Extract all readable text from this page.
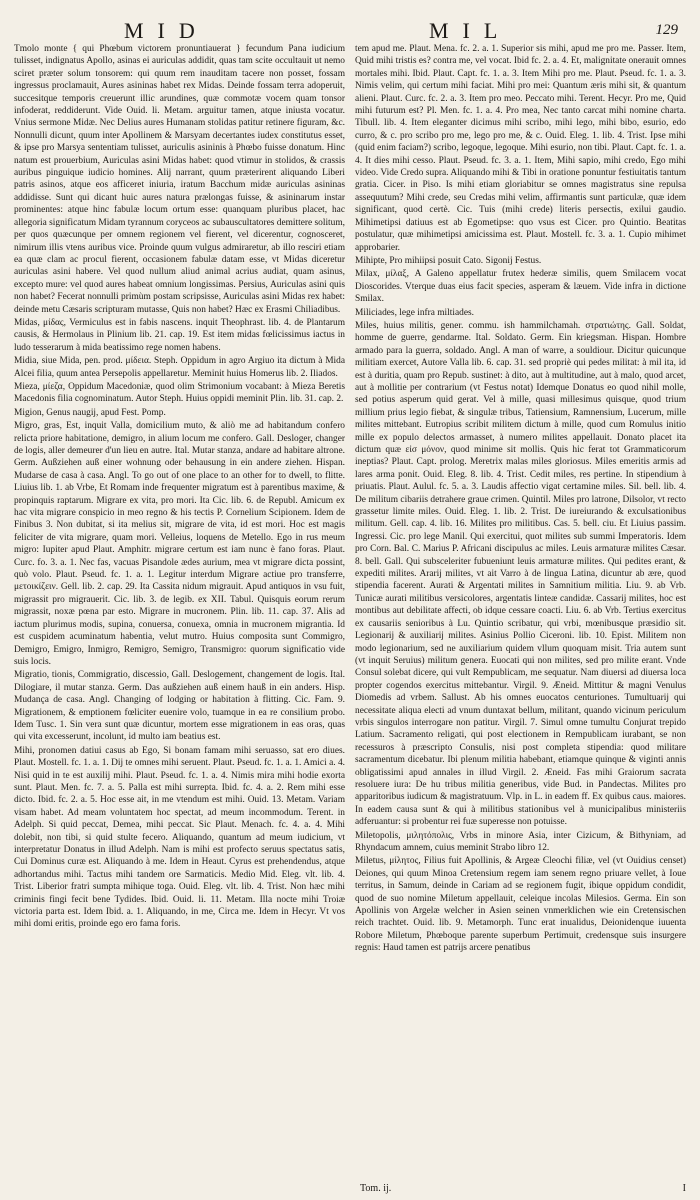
MID	MIL	129

Tmolo monte { qui Phœbum victorem pronuntiauerat } fecundum Pana iudicium tulisset, indignatus Apollo, asinas ei auriculas addidit, quas tam scite occultauit ut nemo sciret præter solum tonsorem: qui quum rem inauditam tacere non posset, fossam ingressus proclamauit, Aures asininas habet rex Midas. Deinde fossam terra adoperuit, succesitque temporis creuerunt illic arundines, quæ commotæ vocem quam tonsor infoderat, reddiderunt. Vide Ouid. li. Metam. arguitur tamen, atque iniusta vocatur. Vnius sermone Midæ. Nec Delius aures Humanam stolidas patitur retinere figuram, &c. Nonnulli dicunt, quum inter Apollinem & Marsyam decertantes iudex constitutus esset, & ipse pro Marsya sententiam tulisset, auriculis asininis à Phœbo fuisse donatum. Hinc natum est prouerbium, Auriculas asini Midas habet: quod vtimur in stolidos, & crassis auribus pinguique iudicio homines. Alij narrant, quum præterirent aliquando Liberi patris asinos, atque eos afficeret iniuria, iratum Bacchum midæ auriculas asininas addidisse. Sunt qui dicant huic aures natura prælongas fuisse, & asininarum instar prominentes: atque hinc fabulæ locum ortum esse: quanquam pluribus placet, hac allegoria significatum Midam tyrannum coryceos ac subauscultatores demittere solitum, per quos quæcunque per omnem regionem vel fierent, vel dicerentur, cognosceret, nimirum illis vtens auribus vice. Proinde quum vulgus admiraretur, ab illo resciri etiam ea quæ clam ac procul fierent, occasionem fabulæ datam esse, vt Midas diceretur auriculas asini habere. Vel quod nullum aliud animal acrius audiat, quam asinus, excepto mure: vel quod aures habeat omnium longissimas. Persius, Auriculas asini quis non habet? Fecerat nonnulli primùm postam scripsisse, Auriculas asini Midas rex habet: deinde metu Cæsaris scripturam mutasse, Quis non habet? Hæc ex Erasmi Chiliadibus.

Midas, μίδας, Vermiculus est in fabis nascens. inquit Theophrast. lib. 4. de Plantarum causis, & Hermolaus in Plinium lib. 21. cap. 19. Est item midas fœlicissimus iactus in ludo tesserarum à mida beatissimo rege nomen habens.

Midia, siue Mida, pen. prod. μίδεια. Steph. Oppidum in agro Argiuo ita dictum à Mida Alcei filia, quum antea Persepolis appellaretur. Meminit huius Homerus lib. 2. Iliados.

Mieza, μίεζα, Oppidum Macedoniæ, quod olim Strimonium vocabant: à Mieza Beretis Macedonis filia cognominatum. Autor Steph. Huius oppidi meminit Plin. lib. 31. cap. 2.

Migion, Genus naugij, apud Fest. Pomp.

Migro, gras, Est, inquit Valla, domicilium muto, & aliò me ad habitandum confero relicta priore habitatione, demigro, in alium locum me confero. Gall. Desloger, changer de logis, aller demeurer d'un lieu en autre. Ital. Mutar stanza, andare ad habitare altrone. Germ. Außziehen auß einer wohnung oder behausung in ein andere ziehen. Hispan. Mudarse de casa à casa. Angl. To go out of one place to an other for to dwell, to flitte. Liuius lib. 1. ab Vrbe, Et Romam inde frequenter migratum est à parentibus maxime, & propinquis raptarum. Migrare ex vita, pro mori. Ita Cic. lib. 6. de Republ. Amicum ex hac vita migrare conspicio in meo regno & his tectis P. Cornelium Scipionem. Idem de Finibus 3. Non dubitat, si ita melius sit, migrare de vita, id est mori. Hoc est magis feliciter de vita migrare, quam mori. Velleius, loquens de Metello. Ego in rus meum migro: Iupiter apud Plaut. Amphitr. migrare certum est iam nunc è fano foras. Plaut. Curc. fo. 3. a. 1. Nec fas, vacuas Pisandole ædes aurium, mea vt migrare dicta possint, quò volo. Plaut. Pseud. fc. 1. a. 1. Legitur interdum Migrare actiue pro transferre, μετοικίζειν. Gell. lib. 2. cap. 29. Ita Cassita nidum migrauit. Apud antiquos in vsu fuit, migrassit pro migrauerit. Cic. lib. 3. de legib. ex XII. Tabul. Quisquis eorum rerum migrassit, noxæ pœna par esto. Migrare in mucronem. Plin. lib. 11. cap. 37. Alis ad iactum plurimus modis, supina, conuersa, conuexa, omnia in mucronem migrantia. Id est cuspidem acuminatum habentia, velut mutro. Huius composita sunt Commigro, Demigro, Emigro, Inmigro, Remigro, Semigro, Transmigro: quorum significatio vide suis locis.

Migratio, tionis, Commigratio, discessio, Gall. Deslogement, changement de logis. Ital. Dilogiare, il mutar stanza. Germ. Das außziehen auß einem hauß in ein anders. Hisp. Mudança de casa. Angl. Changing of lodging or habitation à flitting. Cic. Fam. 9. Migrationem, & emptionem fœliciter euenire volo, tuamque in ea re consilium probo. Idem Tusc. 1. Sin vera sunt quæ dicuntur, mortem esse migrationem in eas oras, quas qui vita excesserunt, incolunt, id multo iam beatius est.

Mihi, pronomen datiui casus ab Ego, Si bonam famam mihi seruasso, sat ero diues. Plaut. Mostell. fc. 1. a. 1. Dij te omnes mihi seruent. Plaut. Pseud. fc. 1. a. 1. Amici a. 4. Nisi quid in te est auxilij mihi. Plaut. Pseud. fc. 1. a. 4. Nimis mira mihi hodie exorta sunt. Plaut. Men. fc. 7. a. 5. Palla est mihi surrepta. Ibid. fc. 4. a. 2. Rem mihi esse dicto. Ibid. fc. 2. a. 5. Hoc esse ait, in me vtendum est mihi. Ouid. 13. Metam. Variam visam habet. Ad meam voluntatem hoc spectat, ad meum incommodum. Terent. in Adelph. Si quid peccat, Demea, mihi peccat. Sic Plaut. Menach. fc. 4. a. 4. Mihi dolebit, non tibi, si quid stulte fecero. Aliquando, quantum ad meum iudicium, vt interpretatur Donatus in illud Adelph. Nam is mihi est profecto seruus spectatus satis, Cui Dominus curæ est. Aliquando à me. Idem in Heaut. Cyrus est prehendendus, atque adhortandus mihi. Tactus mihi tandem ore Sarmaticis. Medio Mid. Eleg. vlt. lib. 4. Trist. Liberior fratri sumpta mihique toga. Ouid. Eleg. vlt. lib. 4. Trist. Non hæc mihi criminis fingi fecit bene Tydides. Ibid. Ouid. li. 11. Metam. Illa nocte mihi Troiæ victoria parta est. Idem Ibid. a. 1. Aliquando, in me, Circa me. Idem in Hecyr. Vt vos mihi domi eritis, proinde ego ero fama foris.

tem apud me. Plaut. Mena. fc. 2. a. 1. Superior sis mihi, apud me pro me. Passer. Item, Quid mihi tristis es? contra me, vel vocat. Ibid fc. 2. a. 4. Et, malignitate onerauit omnes mortales mihi. Ibid. Plaut. Capt. fc. 1. a. 3. Item Mihi pro me. Plaut. Pseud. fc. 1. a. 3. Nimis velim, qui certum mihi faciat. Mihi pro mei: Quantum æris mihi sit, & quantum alieni. Plaut. Curc. fc. 2. a. 3. Item pro meo. Peccato mihi. Terent. Hecyr. Pro me, Quid mihi futurum est? Pl. Men. fc. 1. a. 4. Pro mea, Nec tanto carcat mihi nomine charta. Tibull. lib. 4. Item eleganter dicimus mihi scribo, mihi lego, mihi bibo, esurio, edo curro, & c. pro scribo pro me, lego pro me, & c. Ouid. Eleg. 1. lib. 4. Trist. Ipse mihi (quid enim faciam?) scribo, legoque, legoque. Mihi esurio, non tibi. Plaut. Capt. fc. 1. a. 4. It dies mihi cesso. Plaut. Pseud. fc. 3. a. 1. Item, Mihi sapio, mihi credo, Ego mihi video. Vide Credo supra. Aliquando mihi & Tibi in oratione ponuntur festiuitatis tantum gratia. Cicer. in Piso. Is mihi etiam gloriabitur se omnes magistratus sine repulsa assequutum? Mihi crede, seu Credas mihi velim, affirmantis sunt particulæ, quæ idem significant, quod certè. Cic. Tuis (mihi crede) literis persectis, exilui gaudio. Mihimetipsi datiuus est ab Egometipse: quo vsus est Cicer. pro Quintio. Beatitas postulatur, quæ mihimetipsi amicissima est. Plaut. Mostell. fc. 3. a. 1. Cupio mihimet approbarier.

Mihipte, Pro mihiipsi posuit Cato. Sigonij Festus.

Milax, μίλαξ, A Galeno appellatur frutex hederæ similis, quem Smilacem vocat Dioscorides. Vterque duas eius facit species, asperam & læuem. Vide infra in dictione Smilax.

Miliciades, lege infra miltiades.

Miles, huius militis, gener. commu. ish hammilchamah. στρατιώτης. Gall. Soldat, homme de guerre, gendarme. Ital. Soldato. Germ. Ein kriegsman. Hispan. Hombre armado para la guerra, soldado. Angl. A man of warre, a souldiour. Dicitur quicunque militiam exercet, Autore Valla lib. 6. cap. 31. sed propriè qui pedes militat: à mil ita, id est à duritia, quam pro Repub. sustinet: à dito, aut à multitudine, aut à malo, quod arcet, aut à mollitie per contrarium (vt Festus notat) Idemque Donatus eo quod nihil molle, sed potius asperum quid gerat. Vel à mille, quasi millesimus quisque, quod trium millium prius legio fiebat, & singulæ tribus, Tatiensium, Ramnensium, Lucerum, mille milites mittebant. Eutropius scribit militem dictum à mille, quod cum Romulus initio mille ex populo delectos armasset, à numero milites appellauit. Donato placet ita dictum quæ εἰσ μόνον, quod minime sit mollis. Quis hic ferat tot Grammaticorum ineptias? Plaut. Capt. prolog. Meretrix malas miles gloriosus. Miles emeritis armis ad lares arma ponit. Ouid. Eleg. 8. lib. 4. Trist. Cedit miles, res pertine. In stipendium à priuatis. Plaut. Aulul. fc. 5. a. 3. Laudis affectio vigat certamine miles. Sil. bell. lib. 4. De militum cibariis detrahere graue crimen. Quintil. Miles pro latrone, Dilsolor, vt recto grassetur limite miles. Ouid. Eleg. 1. lib. 2. Trist. De iureiurando & exculsationibus militum. Gell. cap. 4. lib. 16. Milites pro militibus. Cas. 5. bell. ciu. Et Liuius passim. Ingressi. Cic. pro lege Manil. Qui exercitui, quot milites sub summi Imperatoris. Idem pro Corn. Bal. C. Marius P. Africani discipulus ac miles. Leuis armaturæ milites Cæsar. 8. bell. Gall. Qui subsceleriter fubueniunt leuis armaturæ milites. Qui pedites erant, & expediti milites. Ararij milites, vt ait Varro à de lingua Latina, dicuntur ab ære, quod stipendia facerent. Aurati & Argentati milites in Samnitium militia. Liu. 9. ab Vrb. Tunicæ aurati militibus versicolores, argentatis linteæ candidæ. Cassarij milites, hoc est montibus aut debilitate affecti, ob idque cessare coacti. Liu. 6. ab Vrb. Tertius exercitus ex causariis senioribus à Lu. Quintio scribatur, qui vrbi, mœnibusque præsidio sit. Legionarij & auxiliarij milites. Asinius Pollio Ciceroni. lib. 10. Epist. Militem non modo legionarium, sed ne auxiliarium quidem vllum quoquam misit. Tria autem sunt (vt inquit Seruius) militum genera. Euocati qui non milites, sed pro milite erant. Vnde Consul solebat dicere, qui vult Rempublicam, me sequatur. Nam diuersi ad diuersa loca propter cogendos exercitus mittebantur. Virgil. 9. Æneid. Mittitur & magni Venulus Diomedis ad vrbem. Sallust. Ab his omnes euocatos centuriones. Tumultuarij qui necessitate aliqua electi ad vnum duntaxat bellum, militant, quando vicinum periculum vrbis singulos interrogare non patitur. Virgil. 7. Simul omne tumultu Conjurat trepido Latium. Sacramento religati, qui post electionem in Rempublicam iurabant, se non recessuros à præscripto Consulis, nisi post completa stipendia: quod militare sacramentum dicebatur. Ibi plenum militia habebant, etiamque quinque & viginti annis obligatissimi apud annales in illud Virgil. 2. Æneid. Fas mihi Graiorum sacrata resoluere iura: De hu tribus militia generibus, vide Bud. in Pandectas. Milites pro apparitoribus iudicum & magistratuum. Vlp. in L. in eadem ff. Ex quibus caus. maiores. In eadem causa sunt & qui à militibus stationibus vel à municipalibus ministeriis adferuantur: si probentur rei fuæ superesse non potuisse.

Miletopolis, μιλητόπολις, Vrbs in minore Asia, inter Cizicum, & Bithyniam, ad Rhyndacum amnem, cuius meminit Strabo libro 12.

Miletus, μίλητος, Filius fuit Apollinis, & Argeæ Cleochi filiæ, vel (vt Ouidius censet) Deiones, qui quum Minoa Cretensium regem iam senem regno priuare vellet, à Ioue territus, in Samum, deinde in Cariam ad se regionem fugit, ibique oppidum condidit, quod de suo nomine Miletum appellauit, celeique incolas Milesios. Germa. Ein son Apollinis von Argelæ welcher in Asien seinen vnmerklichen wie ein Cretensischen reich trachtet. Ouid. lib. 9. Metamorph. Tunc erat inualidus, Deionidenque iuuenta Robore Miletum, Phœboque parente superbum Pertimuit, credensque suis insurgere regnis: Haud tamen est patrijs arcere penatibus

Tom. ij.	I
